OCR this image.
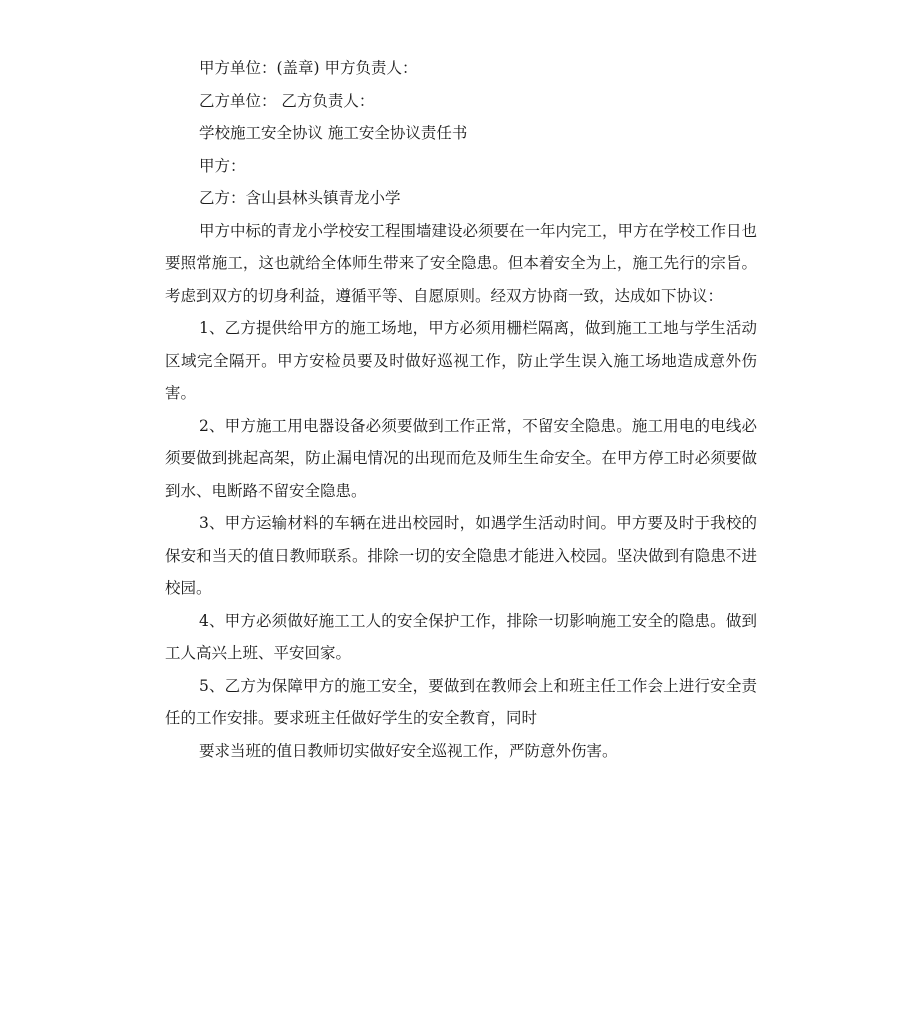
甲方单位：(盖章) 甲方负责人：

乙方单位： 乙方负责人：

学校施工安全协议 施工安全协议责任书

甲方：

乙方：含山县林头镇青龙小学

甲方中标的青龙小学校安工程围墙建设必须要在一年内完工，甲方在学校工作日也要照常施工，这也就给全体师生带来了安全隐患。但本着安全为上，施工先行的宗旨。考虑到双方的切身利益，遵循平等、自愿原则。经双方协商一致，达成如下协议：

1、乙方提供给甲方的施工场地，甲方必须用栅栏隔离，做到施工工地与学生活动区域完全隔开。甲方安检员要及时做好巡视工作，防止学生误入施工场地造成意外伤害。

2、甲方施工用电器设备必须要做到工作正常，不留安全隐患。施工用电的电线必须要做到挑起高架，防止漏电情况的出现而危及师生生命安全。在甲方停工时必须要做到水、电断路不留安全隐患。

3、甲方运输材料的车辆在进出校园时，如遇学生活动时间。甲方要及时于我校的保安和当天的值日教师联系。排除一切的安全隐患才能进入校园。坚决做到有隐患不进校园。

4、甲方必须做好施工工人的安全保护工作，排除一切影响施工安全的隐患。做到工人高兴上班、平安回家。

5、乙方为保障甲方的施工安全，要做到在教师会上和班主任工作会上进行安全责任的工作安排。要求班主任做好学生的安全教育，同时

要求当班的值日教师切实做好安全巡视工作，严防意外伤害。
